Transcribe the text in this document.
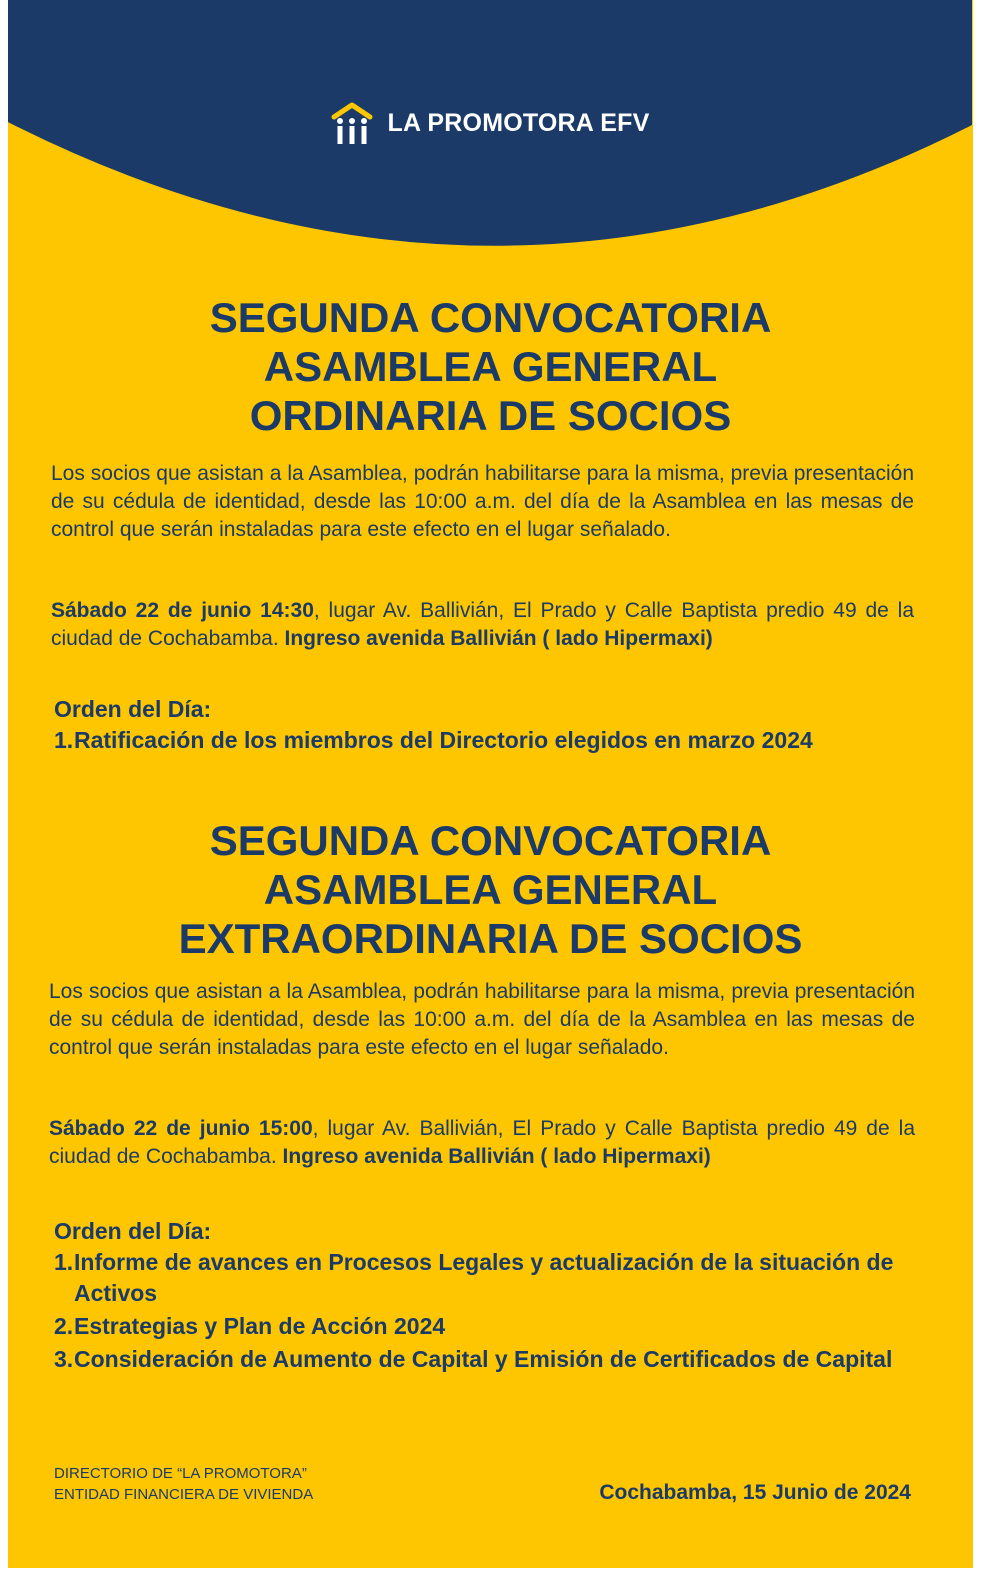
LA PROMOTORA EFV
SEGUNDA CONVOCATORIA
ASAMBLEA GENERAL
ORDINARIA DE SOCIOS

Los socios que asistan a la Asamblea, podrán habilitarse para la misma, previa presentación de su cédula de identidad, desde las 10:00 a.m. del día de la Asamblea en las mesas de control que serán instaladas para este efecto en el lugar señalado.

Sábado 22 de junio 14:30, lugar Av. Ballivián, El Prado y Calle Baptista predio 49 de la ciudad de Cochabamba. Ingreso avenida Ballivián ( lado Hipermaxi)

Orden del Día:
1. Ratificación de los miembros del Directorio elegidos en marzo 2024
SEGUNDA CONVOCATORIA
ASAMBLEA GENERAL
EXTRAORDINARIA DE SOCIOS

Los socios que asistan a la Asamblea, podrán habilitarse para la misma, previa presentación de su cédula de identidad, desde las 10:00 a.m. del día de la Asamblea en las mesas de control que serán instaladas para este efecto en el lugar señalado.

Sábado 22 de junio 15:00, lugar Av. Ballivián, El Prado y Calle Baptista predio 49 de la ciudad de Cochabamba. Ingreso avenida Ballivián ( lado Hipermaxi)

Orden del Día:
1. Informe de avances en Procesos Legales y actualización de la situación de Activos
2. Estrategias y Plan de Acción 2024
3. Consideración de Aumento de Capital y Emisión de Certificados de Capital
DIRECTORIO DE “LA PROMOTORA”
ENTIDAD FINANCIERA DE VIVIENDA	Cochabamba, 15 Junio de 2024
